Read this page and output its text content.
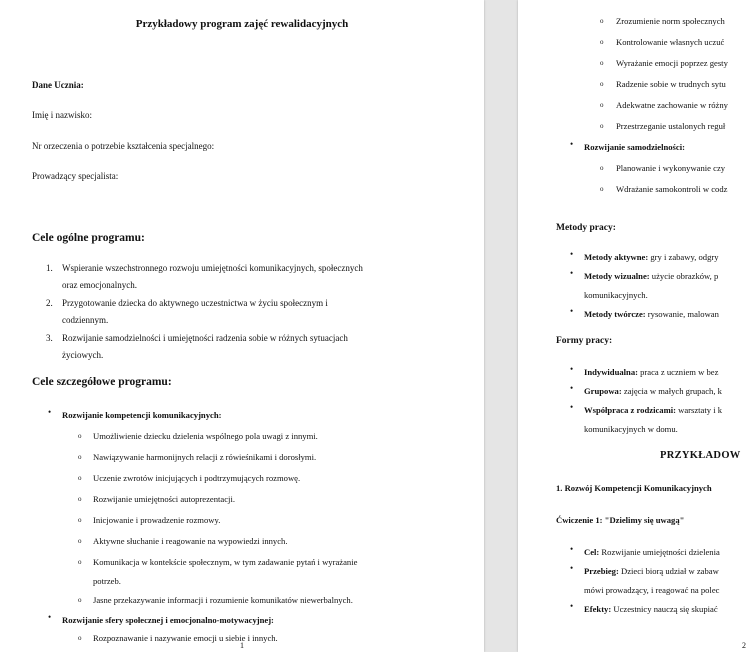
Przykładowy program zajęć rewalidacyjnych
Dane Ucznia:
Imię i nazwisko:
Nr orzeczenia o potrzebie kształcenia specjalnego:
Prowadzący specjalista:
Cele ogólne programu:
1. Wspieranie wszechstronnego rozwoju umiejętności komunikacyjnych, społecznych
oraz emocjonalnych.
2. Przygotowanie dziecka do aktywnego uczestnictwa w życiu społecznym i
codziennym.
3. Rozwijanie samodzielności i umiejętności radzenia sobie w różnych sytuacjach
życiowych.
Cele szczegółowe programu:
• Rozwijanie kompetencji komunikacyjnych:
o Umożliwienie dziecku dzielenia wspólnego pola uwagi z innymi.
o Nawiązywanie harmonijnych relacji z rówieśnikami i dorosłymi.
o Uczenie zwrotów inicjujących i podtrzymujących rozmowę.
o Rozwijanie umiejętności autoprezentacji.
o Inicjowanie i prowadzenie rozmowy.
o Aktywne słuchanie i reagowanie na wypowiedzi innych.
o Komunikacja w kontekście społecznym, w tym zadawanie pytań i wyrażanie
potrzeb.
o Jasne przekazywanie informacji i rozumienie komunikatów niewerbalnych.
• Rozwijanie sfery społecznej i emocjonalno-motywacyjnej:
o Rozpoznawanie i nazywanie emocji u siebie i innych.
1
o Zrozumienie norm społecznych
o Kontrolowanie własnych uczuć
o Wyrażanie emocji poprzez gesty
o Radzenie sobie w trudnych sytu
o Adekwatne zachowanie w różny
o Przestrzeganie ustalonych reguł
• Rozwijanie samodzielności:
o Planowanie i wykonywanie czy
o Wdrażanie samokontroli w codz
Metody pracy:
• Metody aktywne: gry i zabawy, odgry
• Metody wizualne: użycie obrazków, p
komunikacyjnych.
• Metody twórcze: rysowanie, malowan
Formy pracy:
• Indywidualna: praca z uczniem w bez
• Grupowa: zajęcia w małych grupach, k
• Współpraca z rodzicami: warsztaty i k
komunikacyjnych w domu.
PRZYKŁADOW
1. Rozwój Kompetencji Komunikacyjnych
Ćwiczenie 1: "Dzielimy się uwagą"
• Cel: Rozwijanie umiejętności dzielenia
• Przebieg: Dzieci biorą udział w zabaw
mówi prowadzący, i reagować na polec
• Efekty: Uczestnicy nauczą się skupiać
2
